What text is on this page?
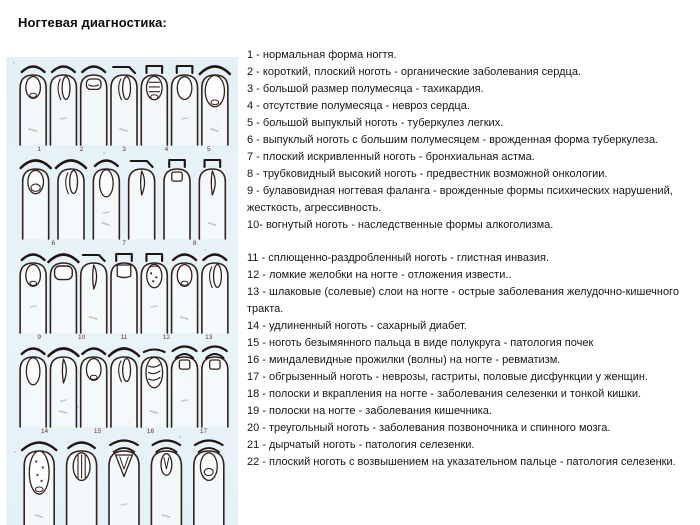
Ногтевая диагностика:
1	2	3	4	5
6	7	8
9	10	11	12	13
14	15	16	17
1 - нормальная форма ногтя.
2 - короткий, плоский ноготь - органические заболевания сердца.
3 - большой размер полумесяца - тахикардия.
4 - отсутствие полумесяца - невроз сердца.
5 - большой выпуклый ноготь - туберкулез легких.
6 - выпуклый ноготь с большим полумесяцем - врожденная форма туберкулеза.
7 - плоский искривленный ноготь - бронхиальная астма.
8 - трубковидный высокий ноготь - предвестник возможной онкологии.
9 - булавовидная ногтевая фаланга - врожденные формы психических нарушений, жесткость, агрессивность.
10- вогнутый ноготь - наследственные формы алкоголизма.
11 - сплющенно-раздробленный ноготь - глистная инвазия.
12 - ломкие желобки на ногте - отложения извести..
13 - шлаковые (солевые) слои на ногте - острые заболевания желудочно-кишечного тракта.
14 - удлиненный ноготь - сахарный диабет.
15 - ноготь безымянного пальца в виде полукруга - патология почек
16 - миндалевидные прожилки (волны) на ногте - ревматизм.
17 - обгрызенный ноготь - неврозы, гастриты, половые дисфункции у женщин.
18 - полоски и вкрапления на ногте - заболевания селезенки и тонкой кишки.
19 - полоски на ногте - заболевания кишечника.
20 - треугольный ноготь - заболевания позвоночника и спинного мозга.
21 - дырчатый ноготь - патология селезенки.
22 - плоский ноготь с возвышением на указательном пальце - патология селезенки.
